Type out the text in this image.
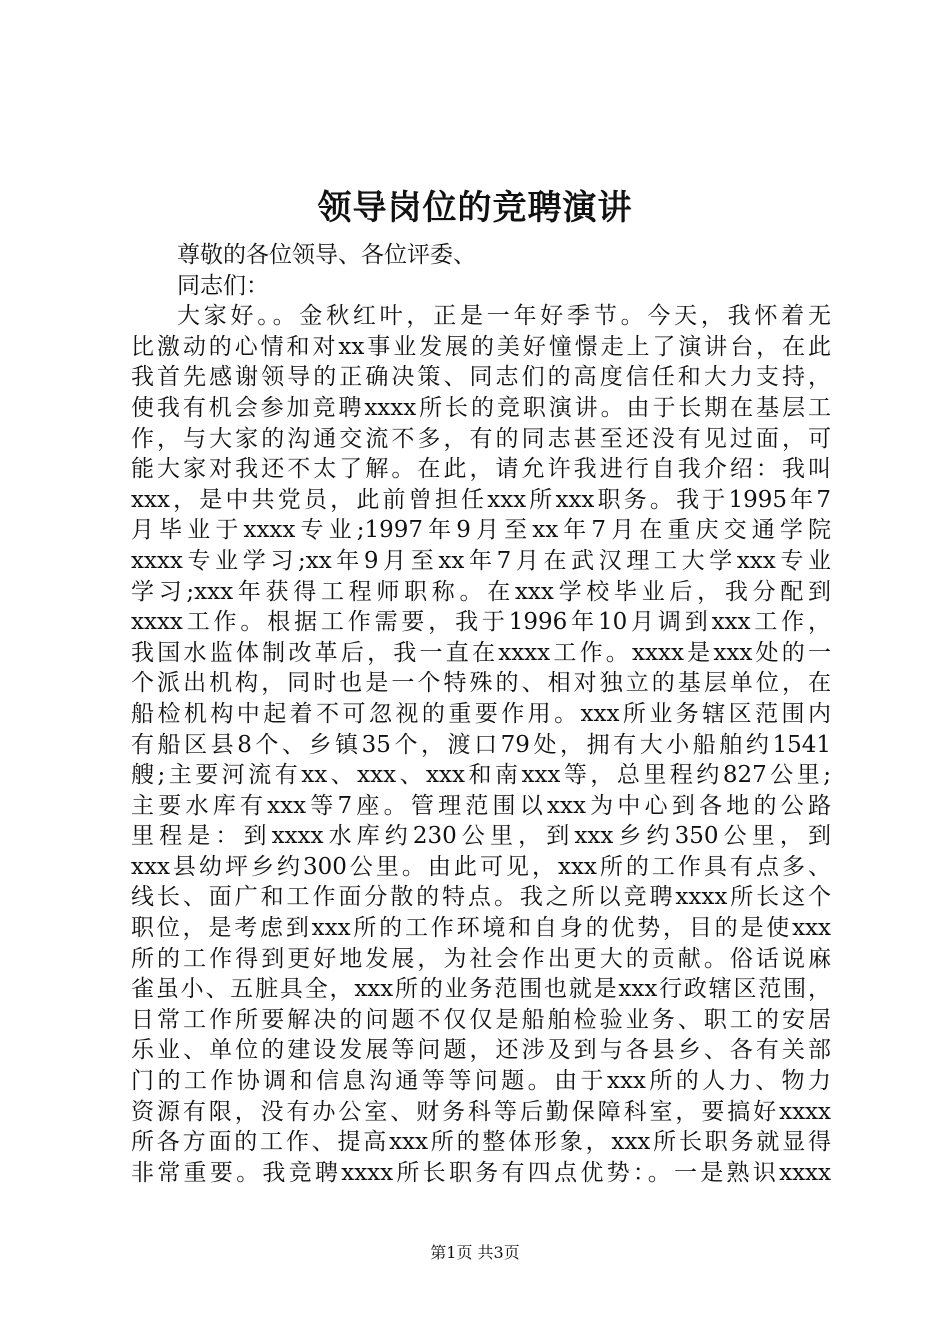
领导岗位的竞聘演讲
尊敬的各位领导、各位评委、
同志们：
大家好。。金秋红叶，正是一年好季节。今天，我怀着无
比激动的心情和对xx事业发展的美好憧憬走上了演讲台，在此
我首先感谢领导的正确决策、同志们的高度信任和大力支持，
使我有机会参加竞聘xxxx所长的竞职演讲。由于长期在基层工
作，与大家的沟通交流不多，有的同志甚至还没有见过面，可
能大家对我还不太了解。在此，请允许我进行自我介绍：我叫
xxx，是中共党员，此前曾担任xxx所xxx职务。我于1995年7
月毕业于xxxx专业;1997年9月至xx年7月在重庆交通学院
xxxx专业学习;xx年9月至xx年7月在武汉理工大学xxx专业
学习;xxx年获得工程师职称。在xxx学校毕业后，我分配到
xxxx工作。根据工作需要，我于1996年10月调到xxx工作，
我国水监体制改革后，我一直在xxxx工作。xxxx是xxx处的一
个派出机构，同时也是一个特殊的、相对独立的基层单位，在
船检机构中起着不可忽视的重要作用。xxx所业务辖区范围内
有船区县8个、乡镇35个，渡口79处，拥有大小船舶约1541
艘;主要河流有xx、xxx、xxx和南xxx等，总里程约827公里;
主要水库有xxx等7座。管理范围以xxx为中心到各地的公路
里程是：到xxxx水库约230公里，到xxx乡约350公里，到
xxx县幼坪乡约300公里。由此可见，xxx所的工作具有点多、
线长、面广和工作面分散的特点。我之所以竞聘xxxx所长这个
职位，是考虑到xxx所的工作环境和自身的优势，目的是使xxx
所的工作得到更好地发展，为社会作出更大的贡献。俗话说麻
雀虽小、五脏具全，xxx所的业务范围也就是xxx行政辖区范围，
日常工作所要解决的问题不仅仅是船舶检验业务、职工的安居
乐业、单位的建设发展等问题，还涉及到与各县乡、各有关部
门的工作协调和信息沟通等等问题。由于xxx所的人力、物力
资源有限，没有办公室、财务科等后勤保障科室，要搞好xxxx
所各方面的工作、提高xxx所的整体形象，xxx所长职务就显得
非常重要。我竞聘xxxx所长职务有四点优势：。一是熟识xxxx
第1页 共3页
